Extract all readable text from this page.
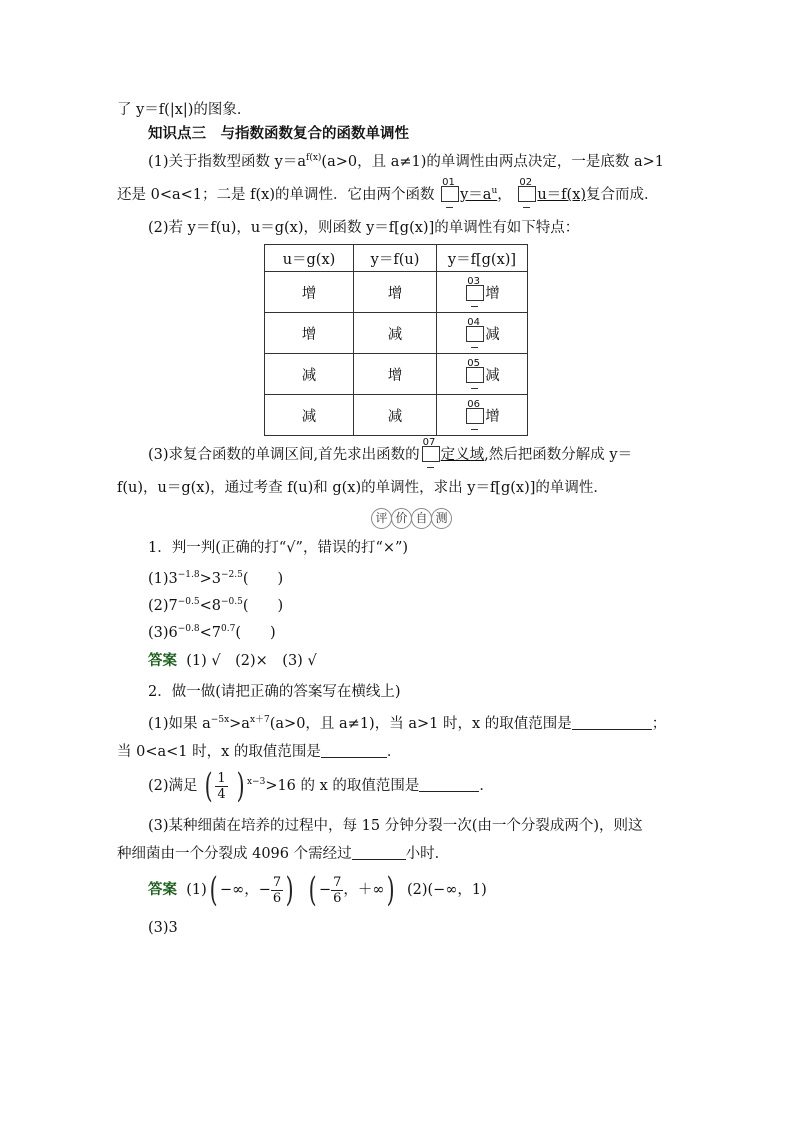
了 y＝f(|x|)的图象．
知识点三　与指数函数复合的函数单调性
(1)关于指数型函数 $y=a^{f(x)}(a>0$，且 a≠1)的单调性由两点决定，一是底数 a>1
还是 0<a<1；二是 f(x)的单调性．它由两个函数
01
$y=a^u$，
02
u＝f(x)复合而成．
(2)若 y＝f(u)，u＝g(x)，则函数 y＝f[g(x)]的单调性有如下特点：
u＝g(x)	y＝f(u)	y＝f[g(x)]
增	增	03
增
增	减	04
减
减	增	05
减
减	减	06
增
(3)求复合函数的单调区间,首先求出函数的
07
定义域,然后把函数分解成 y＝
f(u)，u＝g(x)，通过考查 f(u)和 g(x)的单调性，求出 y＝f[g(x)]的单调性．
评 价 自 测
1．判一判(正确的打“√”，错误的打“×”)
$(1)3^{-1.8}>3^{-2.5}$(　　)
$(2)7^{-0.5}<8^{-0.5}$(　　)
$(3)6^{-0.8}<7^{0.7}$(　　)
答案 (1) √　(2)×　(3) √
2．做一做(请把正确的答案写在横线上)
(1)如果 $a^{-5x}>a^{x+7}(a>0$，且 a≠1)，当 a>1 时，x 的取值范围是	；
当 0<a<1 时，x 的取值范围是	．
(2)满足 ( $\frac{1}{4}$ ) $^{x-3}$>16 的 x 的取值范围是	．
(3)某种细菌在培养的过程中，每 15 分钟分裂一次(由一个分裂成两个)，则这
种细菌由一个分裂成 4096 个需经过	小时．
答案 (1)( −∞，− $\frac{7}{6}$ ) ( − $\frac{7}{6}$ ，＋∞) (2)(−∞，1)
(3)3
